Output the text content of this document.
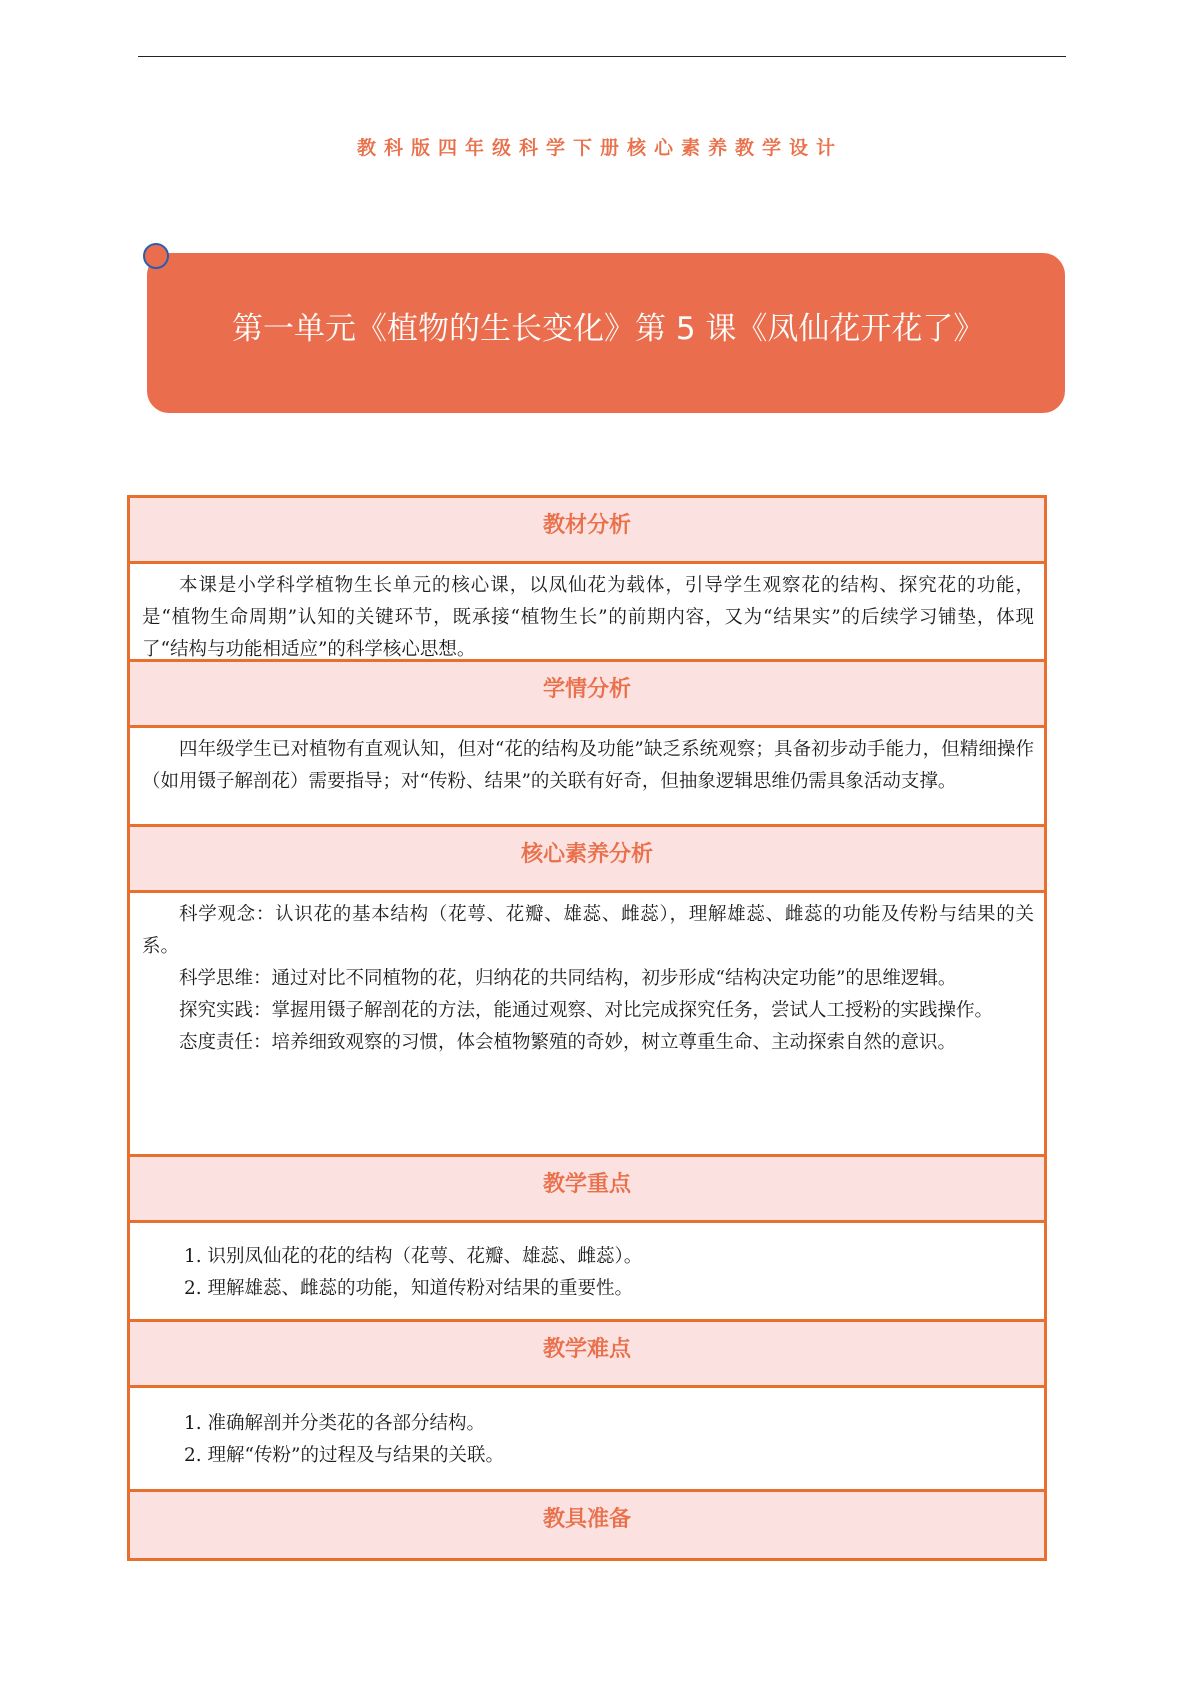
教科版四年级科学下册核心素养教学设计
第一单元《植物的生长变化》第 5 课《凤仙花开花了》
教材分析

本课是小学科学植物生长单元的核心课，以凤仙花为载体，引导学生观察花的结构、探究花的功能，是“植物生命周期”认知的关键环节，既承接“植物生长”的前期内容，又为“结果实”的后续学习铺垫，体现了“结构与功能相适应”的科学核心思想。

学情分析

四年级学生已对植物有直观认知，但对“花的结构及功能”缺乏系统观察；具备初步动手能力，但精细操作（如用镊子解剖花）需要指导；对“传粉、结果”的关联有好奇，但抽象逻辑思维仍需具象活动支撑。

核心素养分析

科学观念：认识花的基本结构（花萼、花瓣、雄蕊、雌蕊），理解雄蕊、雌蕊的功能及传粉与结果的关系。

科学思维：通过对比不同植物的花，归纳花的共同结构，初步形成“结构决定功能”的思维逻辑。

探究实践：掌握用镊子解剖花的方法，能通过观察、对比完成探究任务，尝试人工授粉的实践操作。

态度责任：培养细致观察的习惯，体会植物繁殖的奇妙，树立尊重生命、主动探索自然的意识。

教学重点

1. 识别凤仙花的花的结构（花萼、花瓣、雄蕊、雌蕊）。

2. 理解雄蕊、雌蕊的功能，知道传粉对结果的重要性。

教学难点

1. 准确解剖并分类花的各部分结构。

2. 理解“传粉”的过程及与结果的关联。

教具准备
